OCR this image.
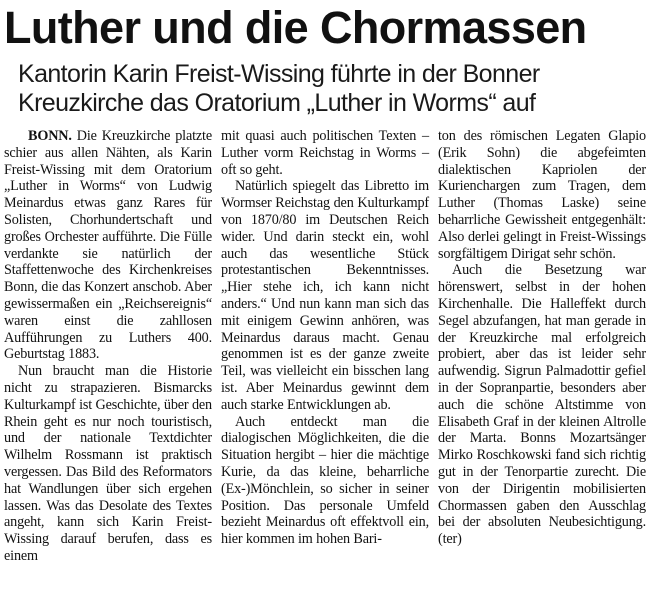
Luther und die Chormassen
Kantorin Karin Freist-Wissing führte in der Bonner
Kreuzkirche das Oratorium „Luther in Worms“ auf

BONN. Die Kreuzkirche platzte schier aus allen Nähten, als Karin Freist-Wissing mit dem Oratorium „Luther in Worms“ von Ludwig Meinardus etwas ganz Rares für Solisten, Chorhundertschaft und großes Orchester aufführte. Die Fülle verdankte sie natürlich der Staffettenwoche des Kirchenkreises Bonn, die das Konzert anschob. Aber gewissermaßen ein „Reichsereignis“ waren einst die zahllosen Aufführungen zu Luthers 400. Geburtstag 1883.

Nun braucht man die Historie nicht zu strapazieren. Bismarcks Kulturkampf ist Geschichte, über den Rhein geht es nur noch touristisch, und der nationale Textdichter Wilhelm Rossmann ist praktisch vergessen. Das Bild des Reformators hat Wandlungen über sich ergehen lassen. Was das Desolate des Textes angeht, kann sich Karin Freist-Wissing darauf berufen, dass es einem

mit quasi auch politischen Texten – Luther vorm Reichstag in Worms – oft so geht.

Natürlich spiegelt das Libretto im Wormser Reichstag den Kulturkampf von 1870/80 im Deutschen Reich wider. Und darin steckt ein, wohl auch das wesentliche Stück protestantischen Bekenntnisses. „Hier stehe ich, ich kann nicht anders.“ Und nun kann man sich das mit einigem Gewinn anhören, was Meinardus daraus macht. Genau genommen ist es der ganze zweite Teil, was vielleicht ein bisschen lang ist. Aber Meinardus gewinnt dem auch starke Entwicklungen ab.

Auch entdeckt man die dialogischen Möglichkeiten, die die Situation hergibt – hier die mächtige Kurie, da das kleine, beharrliche (Ex-)Mönchlein, so sicher in seiner Position. Das personale Umfeld bezieht Meinardus oft effektvoll ein, hier kommen im hohen Bari-

ton des römischen Legaten Glapio (Erik Sohn) die abgefeimten dialektischen Kapriolen der Kurienchargen zum Tragen, dem Luther (Thomas Laske) seine beharrliche Gewissheit entgegenhält: Also derlei gelingt in Freist-Wissings sorgfältigem Dirigat sehr schön.

Auch die Besetzung war hörenswert, selbst in der hohen Kirchenhalle. Die Halleffekt durch Segel abzufangen, hat man gerade in der Kreuzkirche mal erfolgreich probiert, aber das ist leider sehr aufwendig. Sigrun Palmadottir gefiel in der Sopranpartie, besonders aber auch die schöne Altstimme von Elisabeth Graf in der kleinen Altrolle der Marta. Bonns Mozartsänger Mirko Roschkowski fand sich richtig gut in der Tenorpartie zurecht. Die von der Dirigentin mobilisierten Chormassen gaben den Ausschlag bei der absoluten Neubesichtigung. (ter)
